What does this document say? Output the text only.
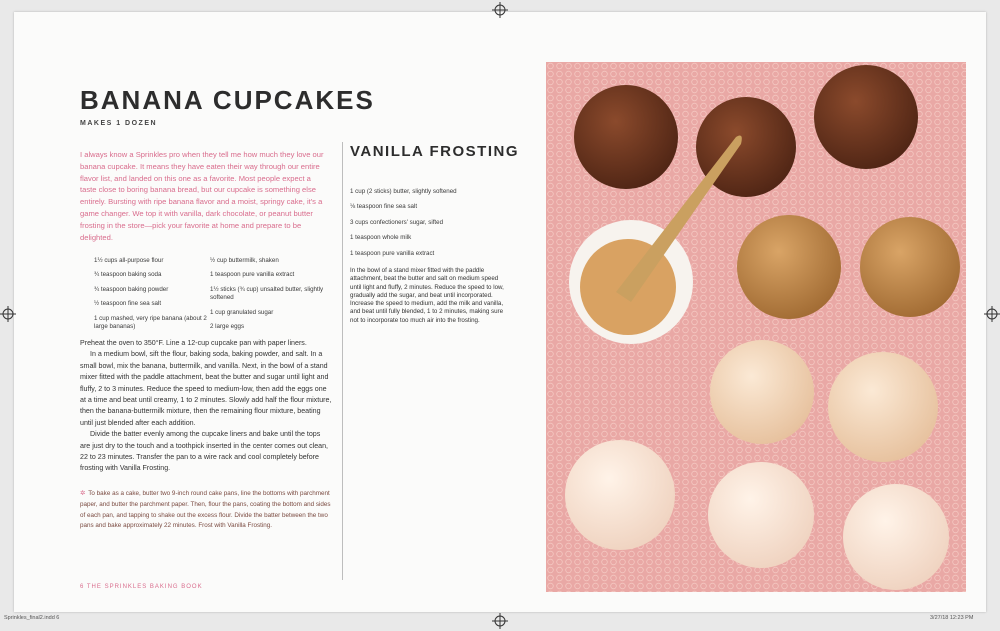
BANANA CUPCAKES
MAKES 1 DOZEN

I always know a Sprinkles pro when they tell me how much they love our banana cupcake. It means they have eaten their way through our entire flavor list, and landed on this one as a favorite. Most people expect a taste close to boring banana bread, but our cupcake is something else entirely. Bursting with ripe banana flavor and a moist, springy cake, it's a game changer. We top it with vanilla, dark chocolate, or peanut butter frosting in the store—pick your favorite at home and prepare to be delighted.

1½ cups all-purpose flour
¾ teaspoon baking soda
¾ teaspoon baking powder
½ teaspoon fine sea salt
1 cup mashed, very ripe banana (about 2 large bananas)
½ cup buttermilk, shaken
1 teaspoon pure vanilla extract
1½ sticks (¾ cup) unsalted butter, slightly softened
1 cup granulated sugar
2 large eggs

Preheat the oven to 350°F. Line a 12-cup cupcake pan with paper liners.

In a medium bowl, sift the flour, baking soda, baking powder, and salt. In a small bowl, mix the banana, buttermilk, and vanilla. Next, in the bowl of a stand mixer fitted with the paddle attachment, beat the butter and sugar until light and fluffy, 2 to 3 minutes. Reduce the speed to medium-low, then add the eggs one at a time and beat until creamy, 1 to 2 minutes. Slowly add half the flour mixture, then the banana-buttermilk mixture, then the remaining flour mixture, beating until just blended after each addition.

Divide the batter evenly among the cupcake liners and bake until the tops are just dry to the touch and a toothpick inserted in the center comes out clean, 22 to 23 minutes. Transfer the pan to a wire rack and cool completely before frosting with Vanilla Frosting.

✲ To bake as a cake, butter two 9-inch round cake pans, line the bottoms with parchment paper, and butter the parchment paper. Then, flour the pans, coating the bottom and sides of each pan, and tapping to shake out the excess flour. Divide the batter between the two pans and bake approximately 22 minutes. Frost with Vanilla Frosting.

6 THE SPRINKLES BAKING BOOK
VANILLA FROSTING
1 cup (2 sticks) butter, slightly softened
⅛ teaspoon fine sea salt
3 cups confectioners' sugar, sifted
1 teaspoon whole milk
1 teaspoon pure vanilla extract

In the bowl of a stand mixer fitted with the paddle attachment, beat the butter and salt on medium speed until light and fluffy, 2 minutes. Reduce the speed to low, gradually add the sugar, and beat until incorporated. Increase the speed to medium, add the milk and vanilla, and beat until fully blended, 1 to 2 minutes, making sure not to incorporate too much air into the frosting.

Sprinkles_final2.indd 6	3/27/18 12:23 PM
